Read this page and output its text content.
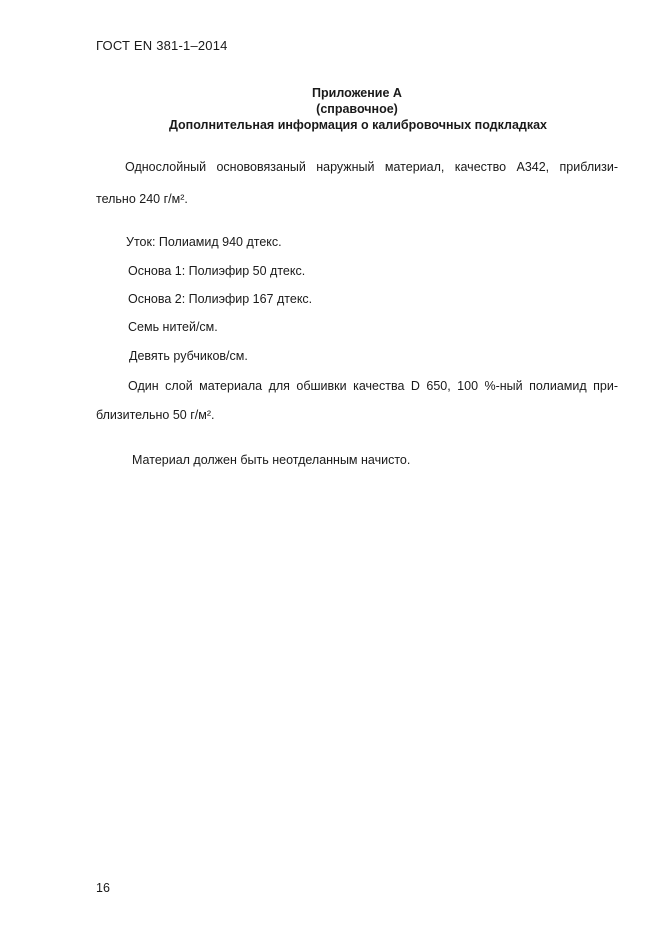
ГОСТ EN 381-1–2014
Приложение А
(справочное)
Дополнительная информация о калибровочных подкладках
Однослойный основовязаный наружный материал, качество А342, приблизи-
тельно 240 г/м².
Уток: Полиамид 940 дтекс.
Основа 1: Полиэфир 50 дтекс.
Основа 2: Полиэфир 167 дтекс.
Семь нитей/см.
Девять рубчиков/см.
Один слой материала для обшивки качества D 650, 100 %-ный полиамид при-
близительно 50 г/м².
Материал должен быть неотделанным начисто.
16
